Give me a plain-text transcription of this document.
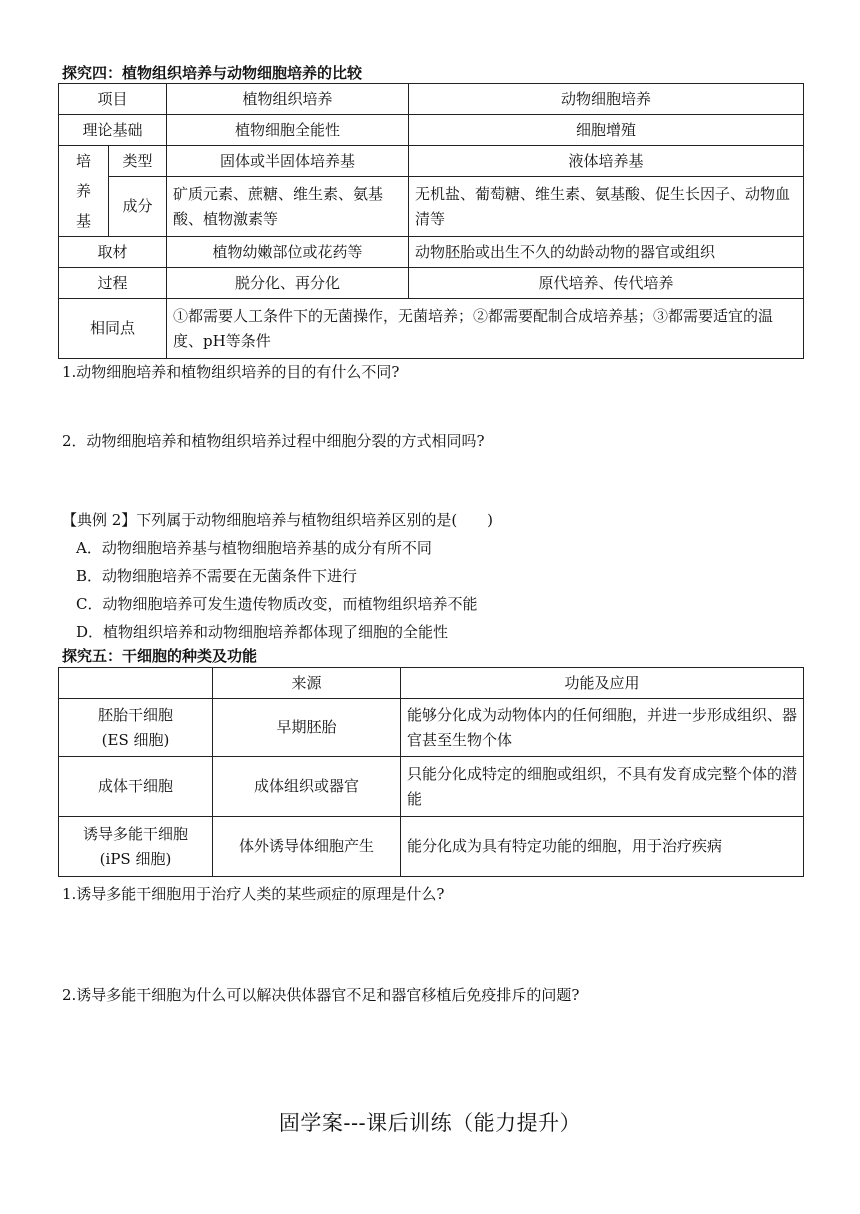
探究四：植物组织培养与动物细胞培养的比较
项目		植物组织培养	动物细胞培养
理论基础		植物细胞全能性	细胞增殖

培
养
基	类型	固体或半固体培养基	液体培养基
	成分	矿质元素、蔗糖、维生素、氨基酸、植物激素等	无机盐、葡萄糖、维生素、氨基酸、促生长因子、动物血清等
取材		植物幼嫩部位或花药等	动物胚胎或出生不久的幼龄动物的器官或组织
过程		脱分化、再分化	原代培养、传代培养
相同点		①都需要人工条件下的无菌操作，无菌培养；②都需要配制合成培养基；③都需要适宜的温度、pH等条件	
1.动物细胞培养和植物组织培养的目的有什么不同?
2．动物细胞培养和植物组织培养过程中细胞分裂的方式相同吗?
【典例 2】下列属于动物细胞培养与植物组织培养区别的是(　　)
A．动物细胞培养基与植物细胞培养基的成分有所不同
B．动物细胞培养不需要在无菌条件下进行
C．动物细胞培养可发生遗传物质改变，而植物组织培养不能
D．植物组织培养和动物细胞培养都体现了细胞的全能性
探究五：干细胞的种类及功能
	来源	功能及应用

胚胎干细胞
(ES 细胞)	早期胚胎	能够分化成为动物体内的任何细胞，并进一步形成组织、器官甚至生物个体
成体干细胞	成体组织或器官	只能分化成特定的细胞或组织，不具有发育成完整个体的潜能

诱导多能干细胞
(iPS 细胞)	体外诱导体细胞产生	能分化成为具有特定功能的细胞，用于治疗疾病
1.诱导多能干细胞用于治疗人类的某些顽症的原理是什么?
2.诱导多能干细胞为什么可以解决供体器官不足和器官移植后免疫排斥的问题?
固学案---课后训练（能力提升）
